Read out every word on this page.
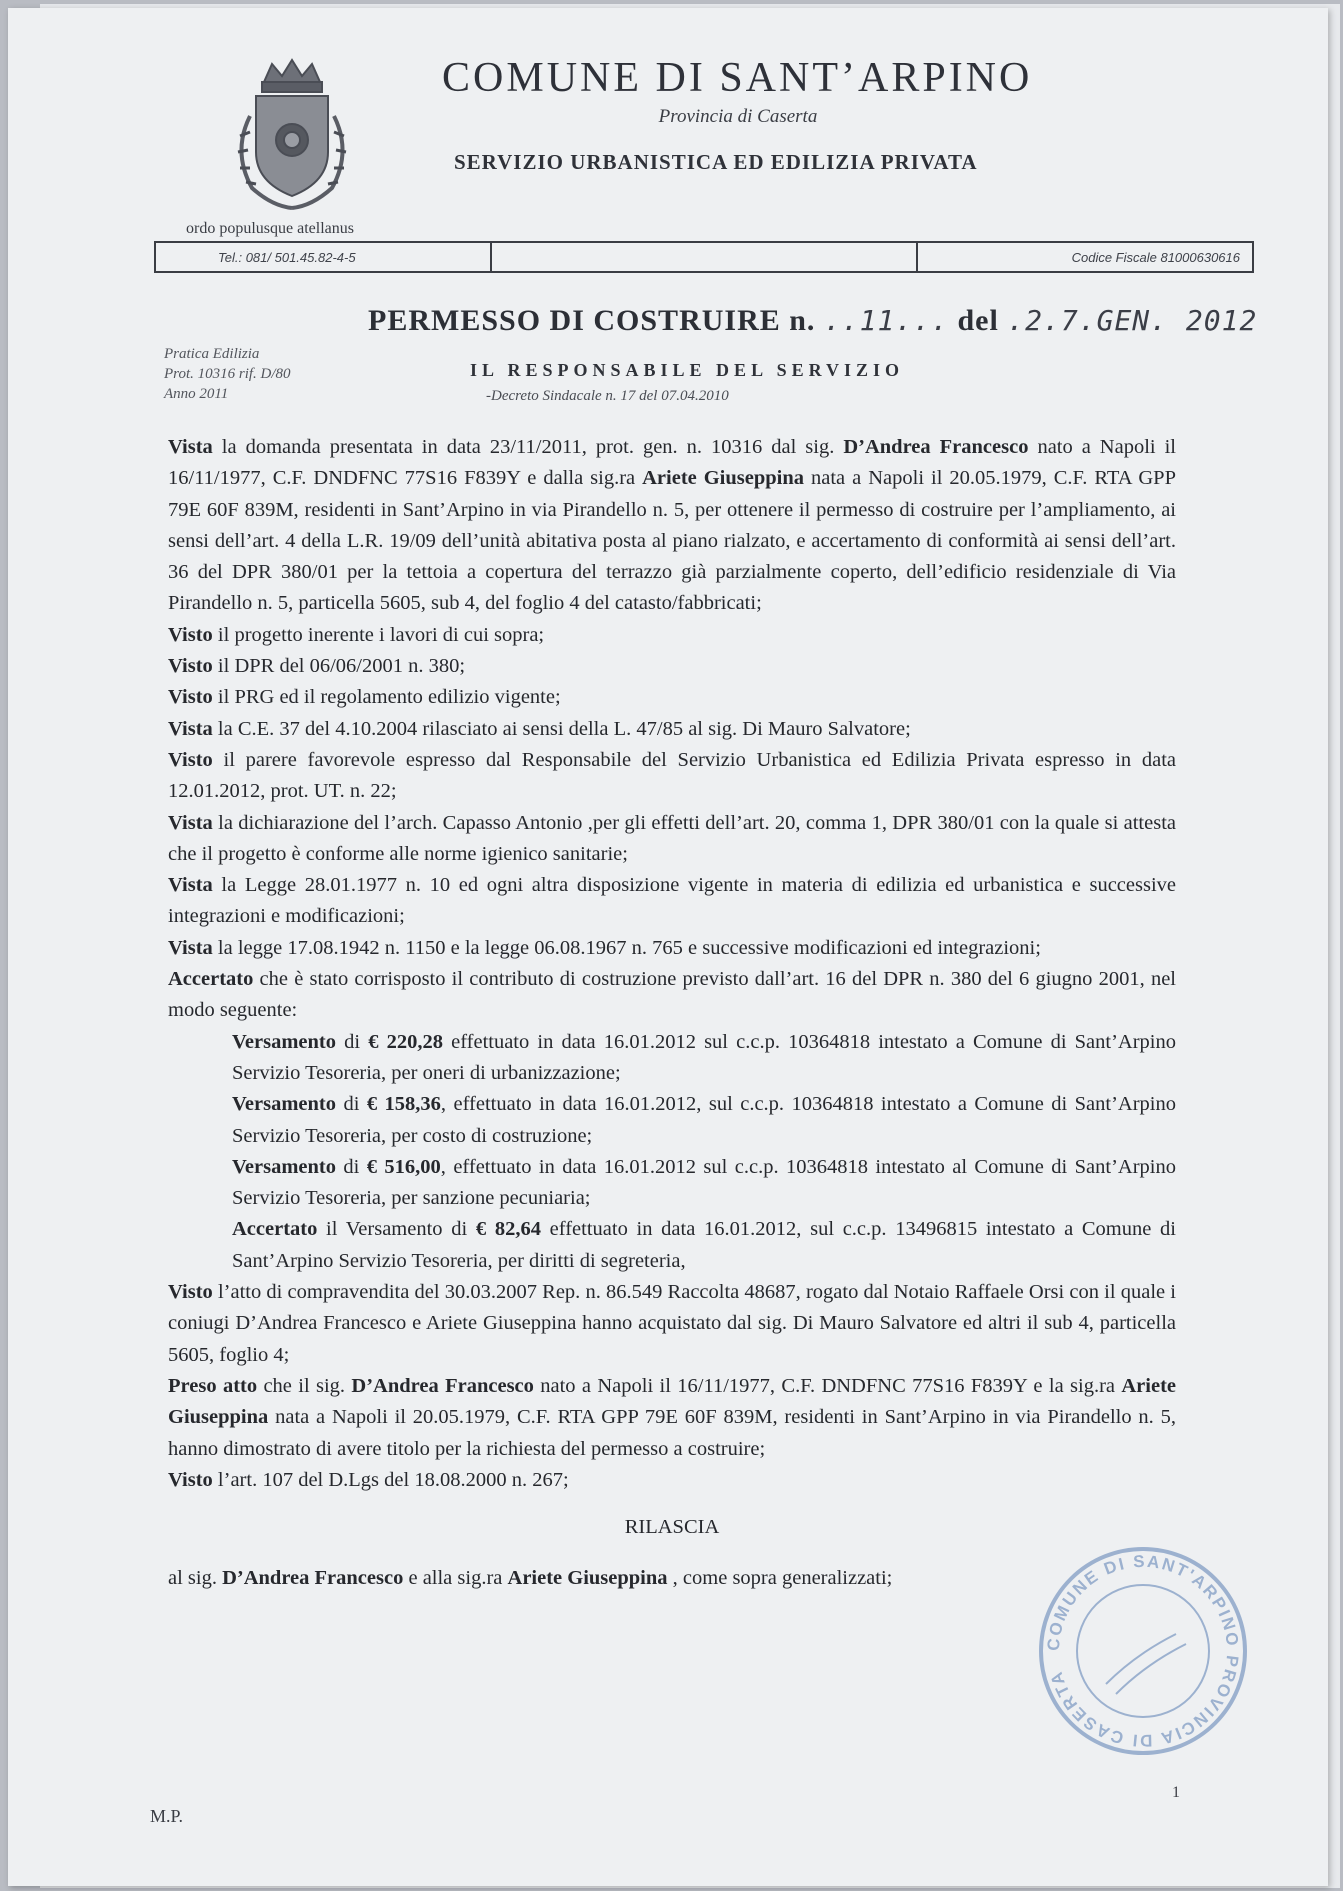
ordo populusque atellanus
COMUNE DI SANT’ARPINO
Provincia di Caserta
SERVIZIO URBANISTICA ED EDILIZIA PRIVATA
Tel.: 081/ 501.45.82-4-5	Codice Fiscale 81000630616
PERMESSO DI COSTRUIRE n. ..11... del .2.7.GEN. 2012
Pratica Edilizia
Prot. 10316 rif. D/80
Anno 2011
IL RESPONSABILE DEL SERVIZIO
-Decreto Sindacale n. 17 del 07.04.2010

Vista la domanda presentata in data 23/11/2011, prot. gen. n. 10316 dal sig. D’Andrea Francesco nato a Napoli il 16/11/1977, C.F. DNDFNC 77S16 F839Y e dalla sig.ra Ariete Giuseppina nata a Napoli il 20.05.1979, C.F. RTA GPP 79E 60F 839M, residenti in Sant’Arpino in via Pirandello n. 5, per ottenere il permesso di costruire per l’ampliamento, ai sensi dell’art. 4 della L.R. 19/09 dell’unità abitativa posta al piano rialzato, e accertamento di conformità ai sensi dell’art. 36 del DPR 380/01 per la tettoia a copertura del terrazzo già parzialmente coperto, dell’edificio residenziale di Via Pirandello n. 5, particella 5605, sub 4, del foglio 4 del catasto/fabbricati;

Visto il progetto inerente i lavori di cui sopra;

Visto il DPR del 06/06/2001 n. 380;

Visto il PRG ed il regolamento edilizio vigente;

Vista la C.E. 37 del 4.10.2004 rilasciato ai sensi della L. 47/85 al sig. Di Mauro Salvatore;

Visto il parere favorevole espresso dal Responsabile del Servizio Urbanistica ed Edilizia Privata espresso in data 12.01.2012, prot. UT. n. 22;

Vista la dichiarazione del l’arch. Capasso Antonio ,per gli effetti dell’art. 20, comma 1, DPR 380/01 con la quale si attesta che il progetto è conforme alle norme igienico sanitarie;

Vista la Legge 28.01.1977 n. 10 ed ogni altra disposizione vigente in materia di edilizia ed urbanistica e successive integrazioni e modificazioni;

Vista la legge 17.08.1942 n. 1150 e la legge 06.08.1967 n. 765 e successive modificazioni ed integrazioni;

Accertato che è stato corrisposto il contributo di costruzione previsto dall’art. 16 del DPR n. 380 del 6 giugno 2001, nel modo seguente:

Versamento di € 220,28 effettuato in data 16.01.2012 sul c.c.p. 10364818 intestato a Comune di Sant’Arpino Servizio Tesoreria, per oneri di urbanizzazione;

Versamento di € 158,36, effettuato in data 16.01.2012, sul c.c.p. 10364818 intestato a Comune di Sant’Arpino Servizio Tesoreria, per costo di costruzione;

Versamento di € 516,00, effettuato in data 16.01.2012 sul c.c.p. 10364818 intestato al Comune di Sant’Arpino Servizio Tesoreria, per sanzione pecuniaria;

Accertato il Versamento di € 82,64 effettuato in data 16.01.2012, sul c.c.p. 13496815 intestato a Comune di Sant’Arpino Servizio Tesoreria, per diritti di segreteria,

Visto l’atto di compravendita del 30.03.2007 Rep. n. 86.549 Raccolta 48687, rogato dal Notaio Raffaele Orsi con il quale i coniugi D’Andrea Francesco e Ariete Giuseppina hanno acquistato dal sig. Di Mauro Salvatore ed altri il sub 4, particella 5605, foglio 4;

Preso atto che il sig. D’Andrea Francesco nato a Napoli il 16/11/1977, C.F. DNDFNC 77S16 F839Y e la sig.ra Ariete Giuseppina nata a Napoli il 20.05.1979, C.F. RTA GPP 79E 60F 839M, residenti in Sant’Arpino in via Pirandello n. 5, hanno dimostrato di avere titolo per la richiesta del permesso a costruire;

Visto l’art. 107 del D.Lgs del 18.08.2000 n. 267;

RILASCIA

al sig. D’Andrea Francesco e alla sig.ra Ariete Giuseppina , come sopra generalizzati;

COMUNE DI SANT'ARPINO PROVINCIA DI CASERTA
1
M.P.
